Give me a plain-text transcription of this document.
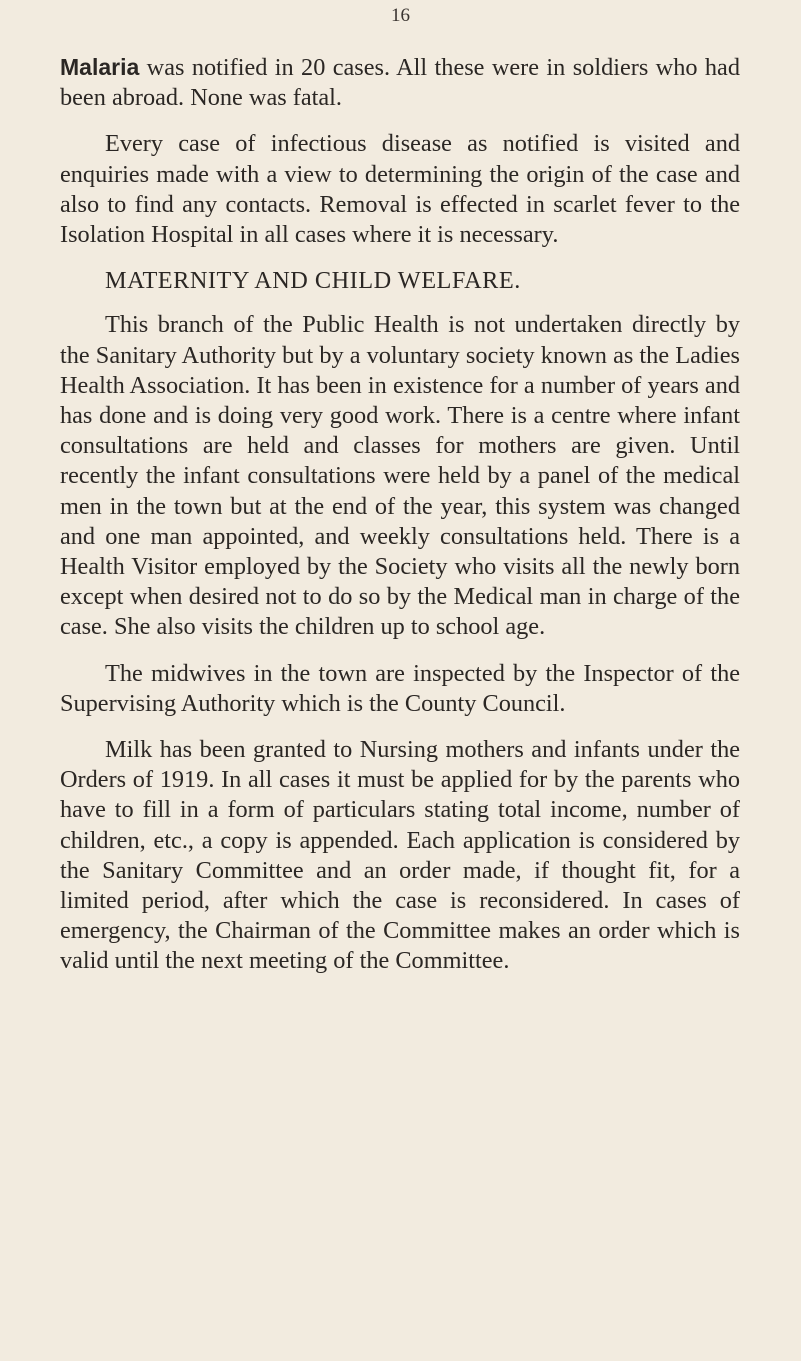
16

Malaria was notified in 20 cases. All these were in soldiers who had been abroad. None was fatal.

Every case of infectious disease as notified is visited and enquiries made with a view to determining the origin of the case and also to find any contacts. Removal is effected in scarlet fever to the Isolation Hospital in all cases where it is necessary.

MATERNITY AND CHILD WELFARE.

This branch of the Public Health is not undertaken directly by the Sanitary Authority but by a voluntary society known as the Ladies Health Association. It has been in existence for a number of years and has done and is doing very good work. There is a centre where infant consultations are held and classes for mothers are given. Until recently the infant consultations were held by a panel of the medical men in the town but at the end of the year, this system was changed and one man appointed, and weekly consultations held. There is a Health Visitor employed by the Society who visits all the newly born except when desired not to do so by the Medical man in charge of the case. She also visits the children up to school age.

The midwives in the town are inspected by the Inspector of the Supervising Authority which is the County Council.

Milk has been granted to Nursing mothers and infants under the Orders of 1919. In all cases it must be applied for by the parents who have to fill in a form of particulars stating total income, number of children, etc., a copy is appended. Each application is considered by the Sanitary Committee and an order made, if thought fit, for a limited period, after which the case is reconsidered. In cases of emergency, the Chairman of the Committee makes an order which is valid until the next meeting of the Committee.
